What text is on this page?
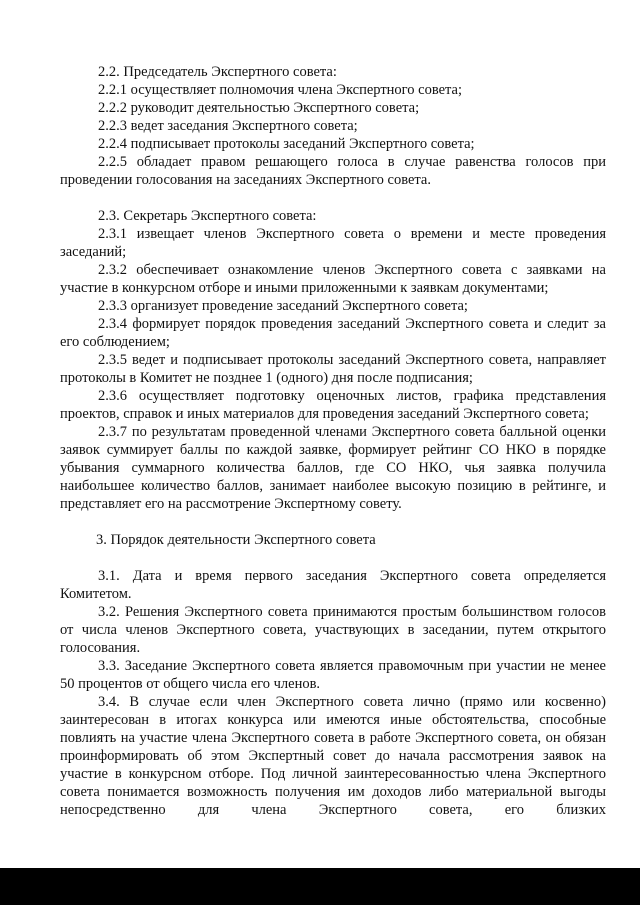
2.2. Председатель Экспертного совета:

2.2.1 осуществляет полномочия члена Экспертного совета;

2.2.2 руководит деятельностью Экспертного совета;

2.2.3 ведет заседания Экспертного совета;

2.2.4 подписывает протоколы заседаний Экспертного совета;

2.2.5 обладает правом решающего голоса в случае равенства голосов при проведении голосования на заседаниях Экспертного совета.

2.3. Секретарь Экспертного совета:

2.3.1 извещает членов Экспертного совета о времени и месте проведения заседаний;

2.3.2 обеспечивает ознакомление членов Экспертного совета с заявками на участие в конкурсном отборе и иными приложенными к заявкам документами;

2.3.3 организует проведение заседаний Экспертного совета;

2.3.4 формирует порядок проведения заседаний Экспертного совета и следит за его соблюдением;

2.3.5 ведет и подписывает протоколы заседаний Экспертного совета, направляет протоколы в Комитет не позднее 1 (одного) дня после подписания;

2.3.6 осуществляет подготовку оценочных листов, графика представления проектов, справок и иных материалов для проведения заседаний Экспертного совета;

2.3.7 по результатам проведенной членами Экспертного совета балльной оценки заявок суммирует баллы по каждой заявке, формирует рейтинг СО НКО в порядке убывания суммарного количества баллов, где СО НКО, чья заявка получила наибольшее количество баллов, занимает наиболее высокую позицию в рейтинге, и представляет его на рассмотрение Экспертному совету.

3. Порядок деятельности Экспертного совета

3.1. Дата и время первого заседания Экспертного совета определяется Комитетом.

3.2. Решения Экспертного совета принимаются простым большинством голосов от числа членов Экспертного совета, участвующих в заседании, путем открытого голосования.

3.3. Заседание Экспертного совета является правомочным при участии не менее 50 процентов от общего числа его членов.

3.4. В случае если член Экспертного совета лично (прямо или косвенно) заинтересован в итогах конкурса или имеются иные обстоятельства, способные повлиять на участие члена Экспертного совета в работе Экспертного совета, он обязан проинформировать об этом Экспертный совет до начала рассмотрения заявок на участие в конкурсном отборе. Под личной заинтересованностью члена Экспертного совета понимается возможность получения им доходов либо материальной выгоды непосредственно для члена Экспертного совета, его близких
